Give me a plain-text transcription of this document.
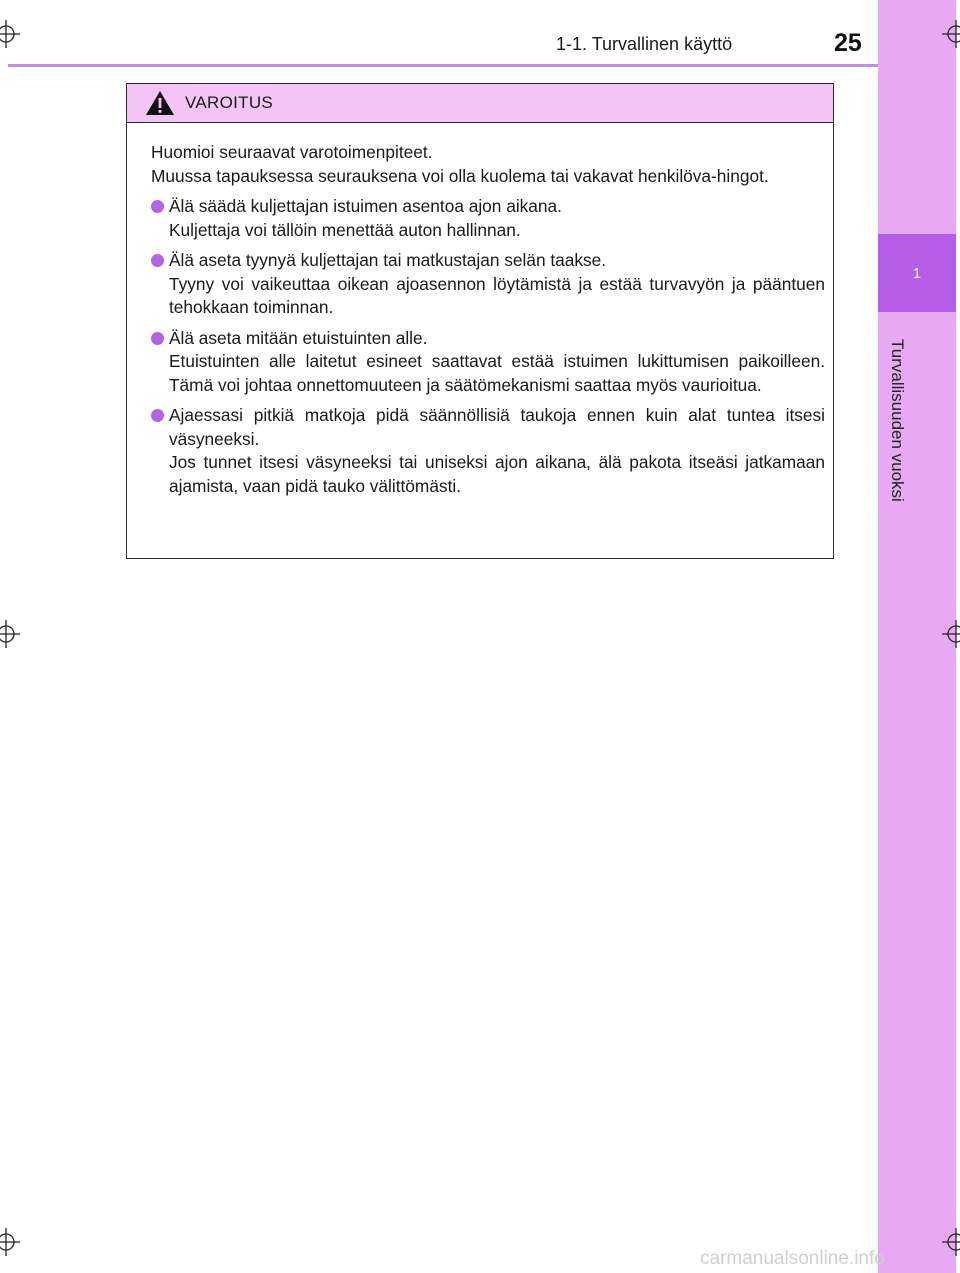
1
Turvallisuuden vuoksi
1-1. Turvallinen käyttö	25
VAROITUS

Huomioi seuraavat varotoimenpiteet.

Muussa tapauksessa seurauksena voi olla kuolema tai vakavat henkilöva-hingot.

Älä säädä kuljettajan istuimen asentoa ajon aikana.

Kuljettaja voi tällöin menettää auton hallinnan.

Älä aseta tyynyä kuljettajan tai matkustajan selän taakse.

Tyyny voi vaikeuttaa oikean ajoasennon löytämistä ja estää turvavyön ja pääntuen tehokkaan toiminnan.

Älä aseta mitään etuistuinten alle.

Etuistuinten alle laitetut esineet saattavat estää istuimen lukittumisen paikoilleen. Tämä voi johtaa onnettomuuteen ja säätömekanismi saattaa myös vaurioitua.

Ajaessasi pitkiä matkoja pidä säännöllisiä taukoja ennen kuin alat tuntea itsesi väsyneeksi.

Jos tunnet itsesi väsyneeksi tai uniseksi ajon aikana, älä pakota itseäsi jatkamaan ajamista, vaan pidä tauko välittömästi.

carmanualsonline.info
